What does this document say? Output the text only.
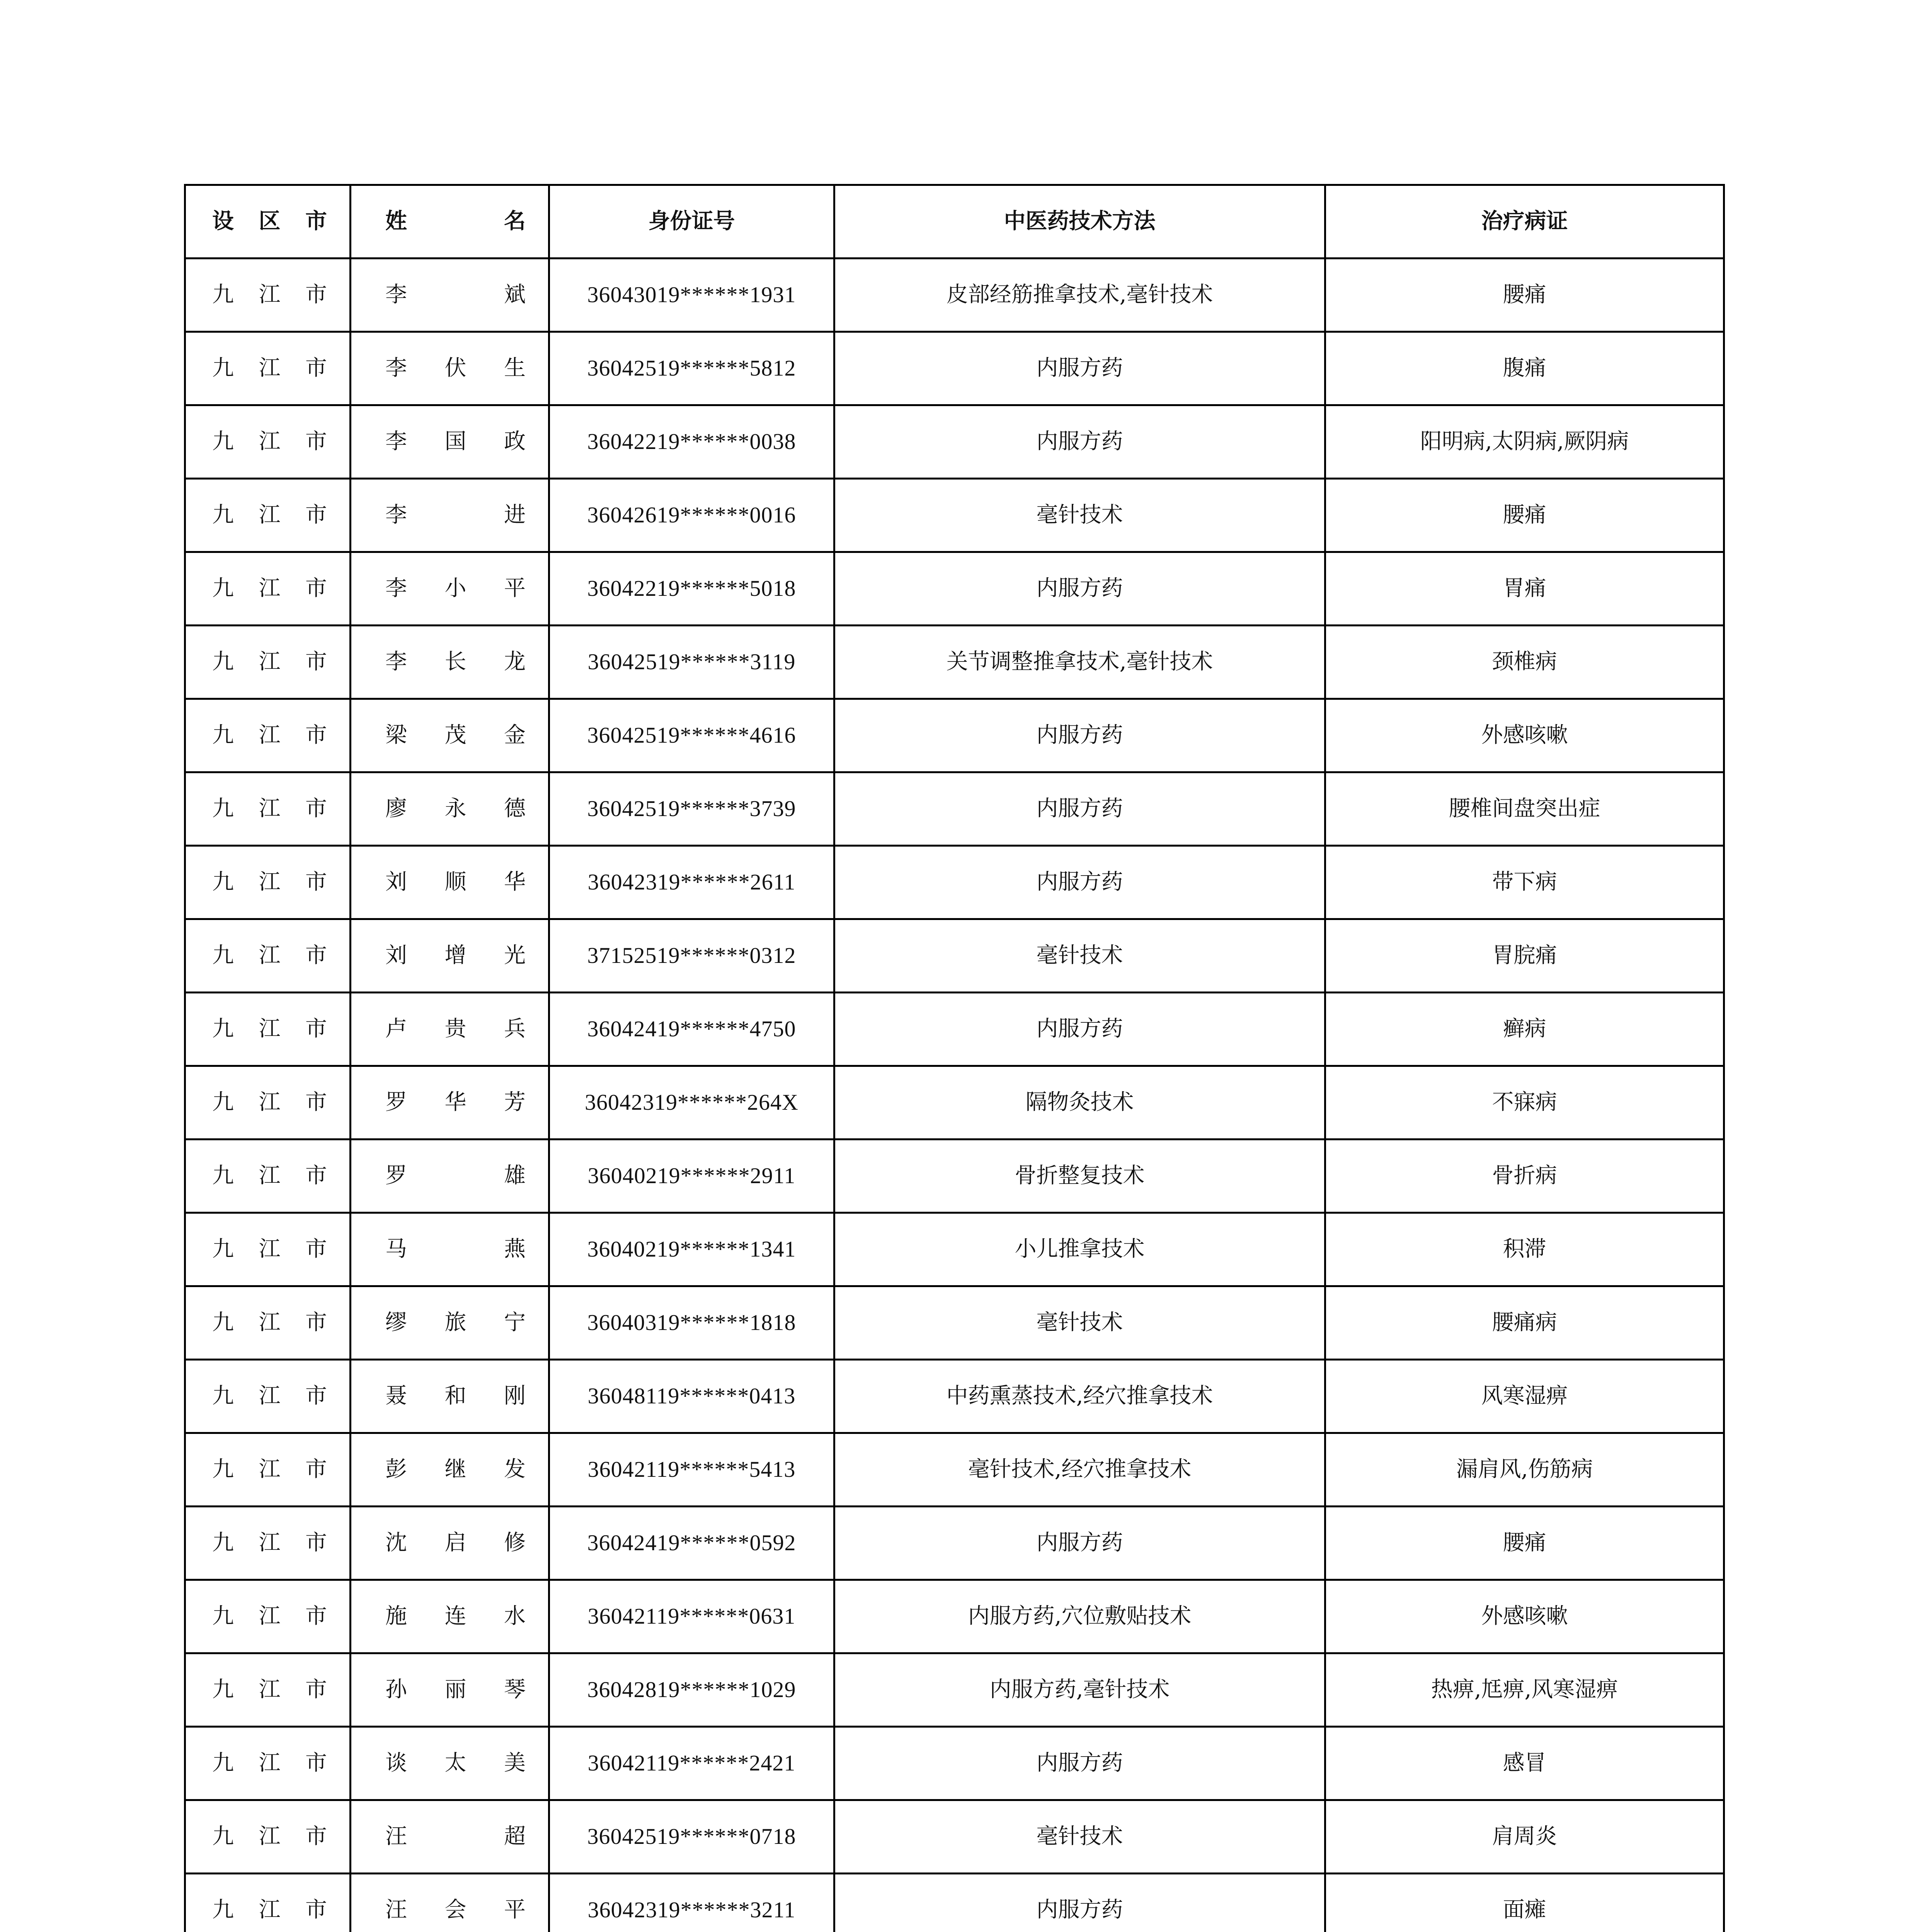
设 区 市	姓 名	身份证号	中医药技术方法	治疗病证

九 江 市	李 斌	36043019******1931	皮部经筋推拿技术,毫针技术	腰痛

九 江 市	李 伏 生	36042519******5812	内服方药	腹痛

九 江 市	李 国 政	36042219******0038	内服方药	阳明病,太阴病,厥阴病

九 江 市	李 进	36042619******0016	毫针技术	腰痛

九 江 市	李 小 平	36042219******5018	内服方药	胃痛

九 江 市	李 长 龙	36042519******3119	关节调整推拿技术,毫针技术	颈椎病

九 江 市	梁 茂 金	36042519******4616	内服方药	外感咳嗽

九 江 市	廖 永 德	36042519******3739	内服方药	腰椎间盘突出症

九 江 市	刘 顺 华	36042319******2611	内服方药	带下病

九 江 市	刘 增 光	37152519******0312	毫针技术	胃脘痛

九 江 市	卢 贵 兵	36042419******4750	内服方药	癣病

九 江 市	罗 华 芳	36042319******264X	隔物灸技术	不寐病

九 江 市	罗 雄	36040219******2911	骨折整复技术	骨折病

九 江 市	马 燕	36040219******1341	小儿推拿技术	积滞

九 江 市	缪 旅 宁	36040319******1818	毫针技术	腰痛病

九 江 市	聂 和 刚	36048119******0413	中药熏蒸技术,经穴推拿技术	风寒湿痹

九 江 市	彭 继 发	36042119******5413	毫针技术,经穴推拿技术	漏肩风,伤筋病

九 江 市	沈 启 修	36042419******0592	内服方药	腰痛

九 江 市	施 连 水	36042119******0631	内服方药,穴位敷贴技术	外感咳嗽

九 江 市	孙 丽 琴	36042819******1029	内服方药,毫针技术	热痹,尪痹,风寒湿痹

九 江 市	谈 太 美	36042119******2421	内服方药	感冒

九 江 市	汪 超	36042519******0718	毫针技术	肩周炎

九 江 市	汪 会 平	36042319******3211	内服方药	面瘫
